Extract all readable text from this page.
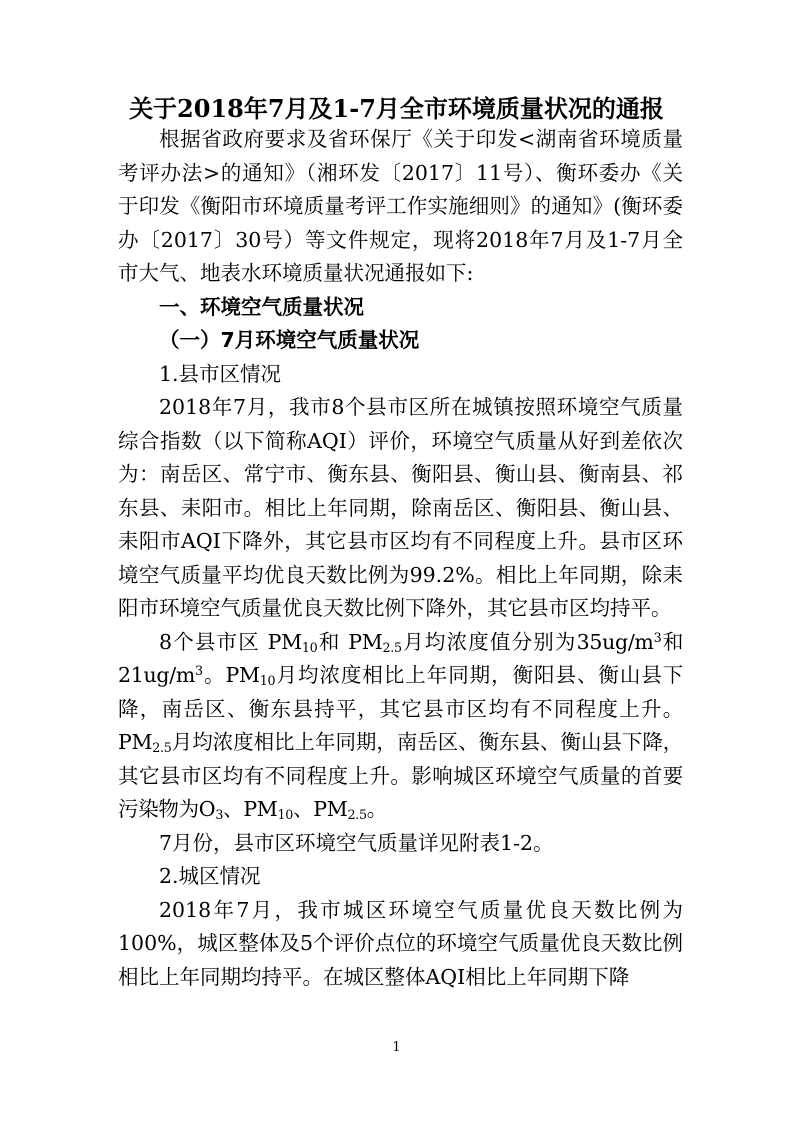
关于2018年7月及1-7月全市环境质量状况的通报

根据省政府要求及省环保厅《关于印发<湖南省环境质量考评办法>的通知》（湘环发〔2017〕11号）、衡环委办《关于印发《衡阳市环境质量考评工作实施细则》的通知》(衡环委办〔2017〕30号）等文件规定，现将2018年7月及1-7月全市大气、地表水环境质量状况通报如下:

一、环境空气质量状况

（一）7月环境空气质量状况

1.县市区情况

2018年7月，我市8个县市区所在城镇按照环境空气质量综合指数（以下简称AQI）评价，环境空气质量从好到差依次为：南岳区、常宁市、衡东县、衡阳县、衡山县、衡南县、祁东县、耒阳市。相比上年同期，除南岳区、衡阳县、衡山县、耒阳市AQI下降外，其它县市区均有不同程度上升。县市区环境空气质量平均优良天数比例为99.2%。相比上年同期，除耒阳市环境空气质量优良天数比例下降外，其它县市区均持平。

8个县市区 $PM_{10}$和 $PM_{2.5}$月均浓度值分别为$35ug/m^3$和$21ug/m^3$。$PM_{10}$月均浓度相比上年同期，衡阳县、衡山县下降，南岳区、衡东县持平，其它县市区均有不同程度上升。$PM_{2.5}$月均浓度相比上年同期，南岳区、衡东县、衡山县下降，其它县市区均有不同程度上升。影响城区环境空气质量的首要污染物为$O_3$、$PM_{10}$、$PM_{2.5}$。

7月份，县市区环境空气质量详见附表1-2。

2.城区情况

2018年7月，我市城区环境空气质量优良天数比例为100%，城区整体及5个评价点位的环境空气质量优良天数比例相比上年同期均持平。在城区整体AQI相比上年同期下降

1
